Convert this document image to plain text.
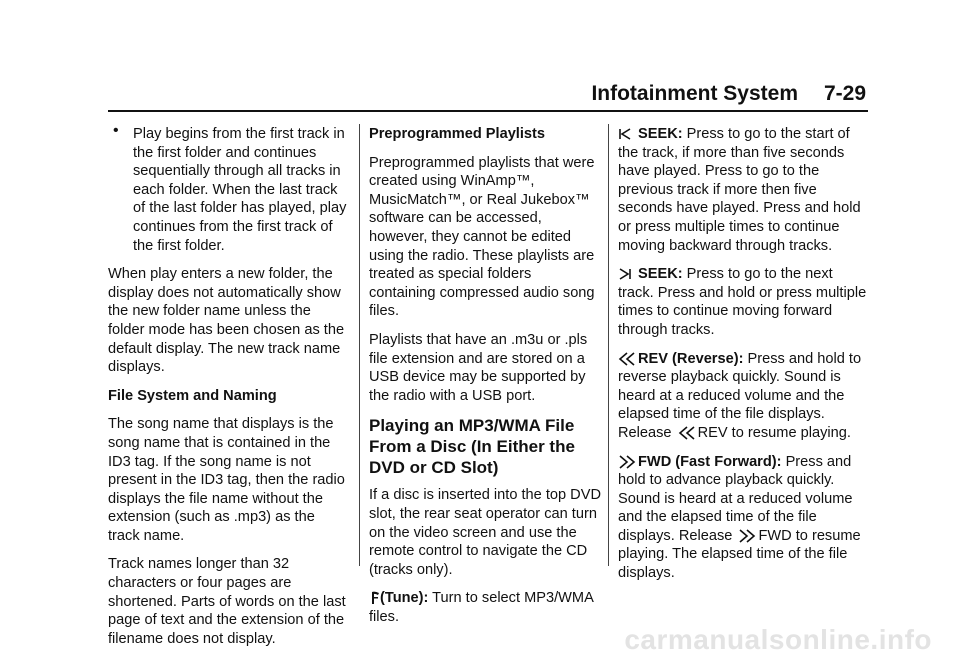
Infotainment System 7-29
• Play begins from the first track in the first folder and continues sequentially through all tracks in each folder. When the last track of the last folder has played, play continues from the first track of the first folder.

When play enters a new folder, the display does not automatically show the new folder name unless the folder mode has been chosen as the default display. The new track name displays.

File System and Naming

The song name that displays is the song name that is contained in the ID3 tag. If the song name is not present in the ID3 tag, then the radio displays the file name without the extension (such as .mp3) as the track name.

Track names longer than 32 characters or four pages are shortened. Parts of words on the last page of text and the extension of the filename does not display.

Preprogrammed Playlists

Preprogrammed playlists that were created using WinAmp™, MusicMatch™, or Real Jukebox™ software can be accessed, however, they cannot be edited using the radio. These playlists are treated as special folders containing compressed audio song files.

Playlists that have an .m3u or .pls file extension and are stored on a USB device may be supported by the radio with a USB port.

Playing an MP3/WMA File From a Disc (In Either the DVD or CD Slot)

If a disc is inserted into the top DVD slot, the rear seat operator can turn on the video screen and use the remote control to navigate the CD (tracks only).

(Tune): Turn to select MP3/WMA files.

SEEK: Press to go to the start of the track, if more than five seconds have played. Press to go to the previous track if more then five seconds have played. Press and hold or press multiple times to continue moving backward through tracks.

SEEK: Press to go to the next track. Press and hold or press multiple times to continue moving forward through tracks.

REV (Reverse): Press and hold to reverse playback quickly. Sound is heard at a reduced volume and the elapsed time of the file displays. Release REV to resume playing.

FWD (Fast Forward): Press and hold to advance playback quickly. Sound is heard at a reduced volume and the elapsed time of the file displays. Release FWD to resume playing. The elapsed time of the file displays.

carmanualsonline.info
